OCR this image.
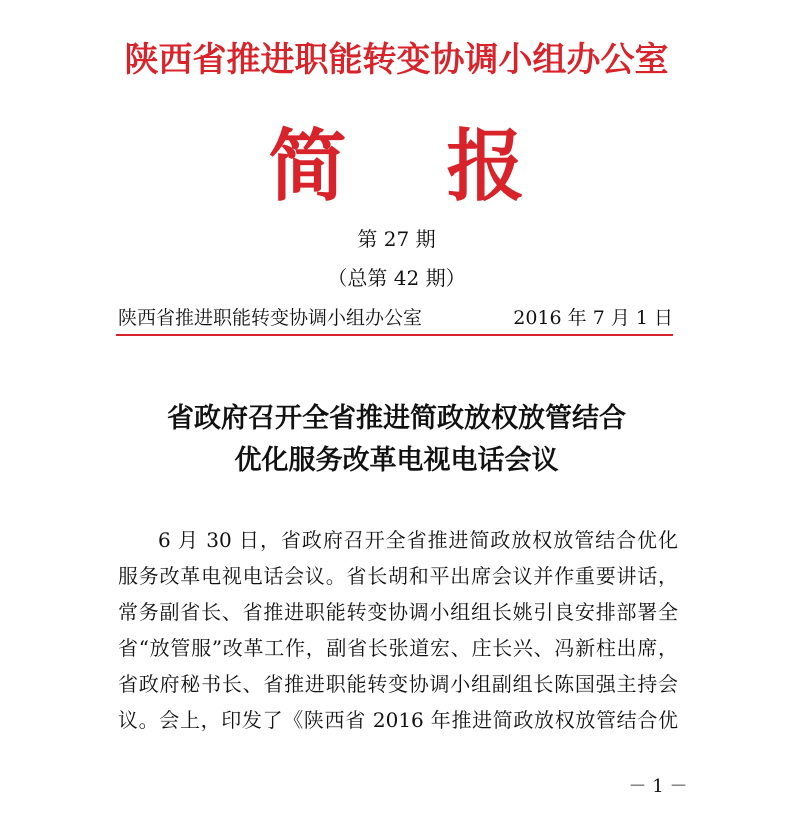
陕西省推进职能转变协调小组办公室
简报
第 27 期
（总第 42 期）
陕西省推进职能转变协调小组办公室	2016 年 7 月 1 日
省政府召开全省推进简政放权放管结合
优化服务改革电视电话会议
6 月 30 日，省政府召开全省推进简政放权放管结合优化
服务改革电视电话会议。省长胡和平出席会议并作重要讲话，
常务副省长、省推进职能转变协调小组组长姚引良安排部署全
省“放管服”改革工作，副省长张道宏、庄长兴、冯新柱出席，
省政府秘书长、省推进职能转变协调小组副组长陈国强主持会
议。会上，印发了《陕西省 2016 年推进简政放权放管结合优
－ 1 －
